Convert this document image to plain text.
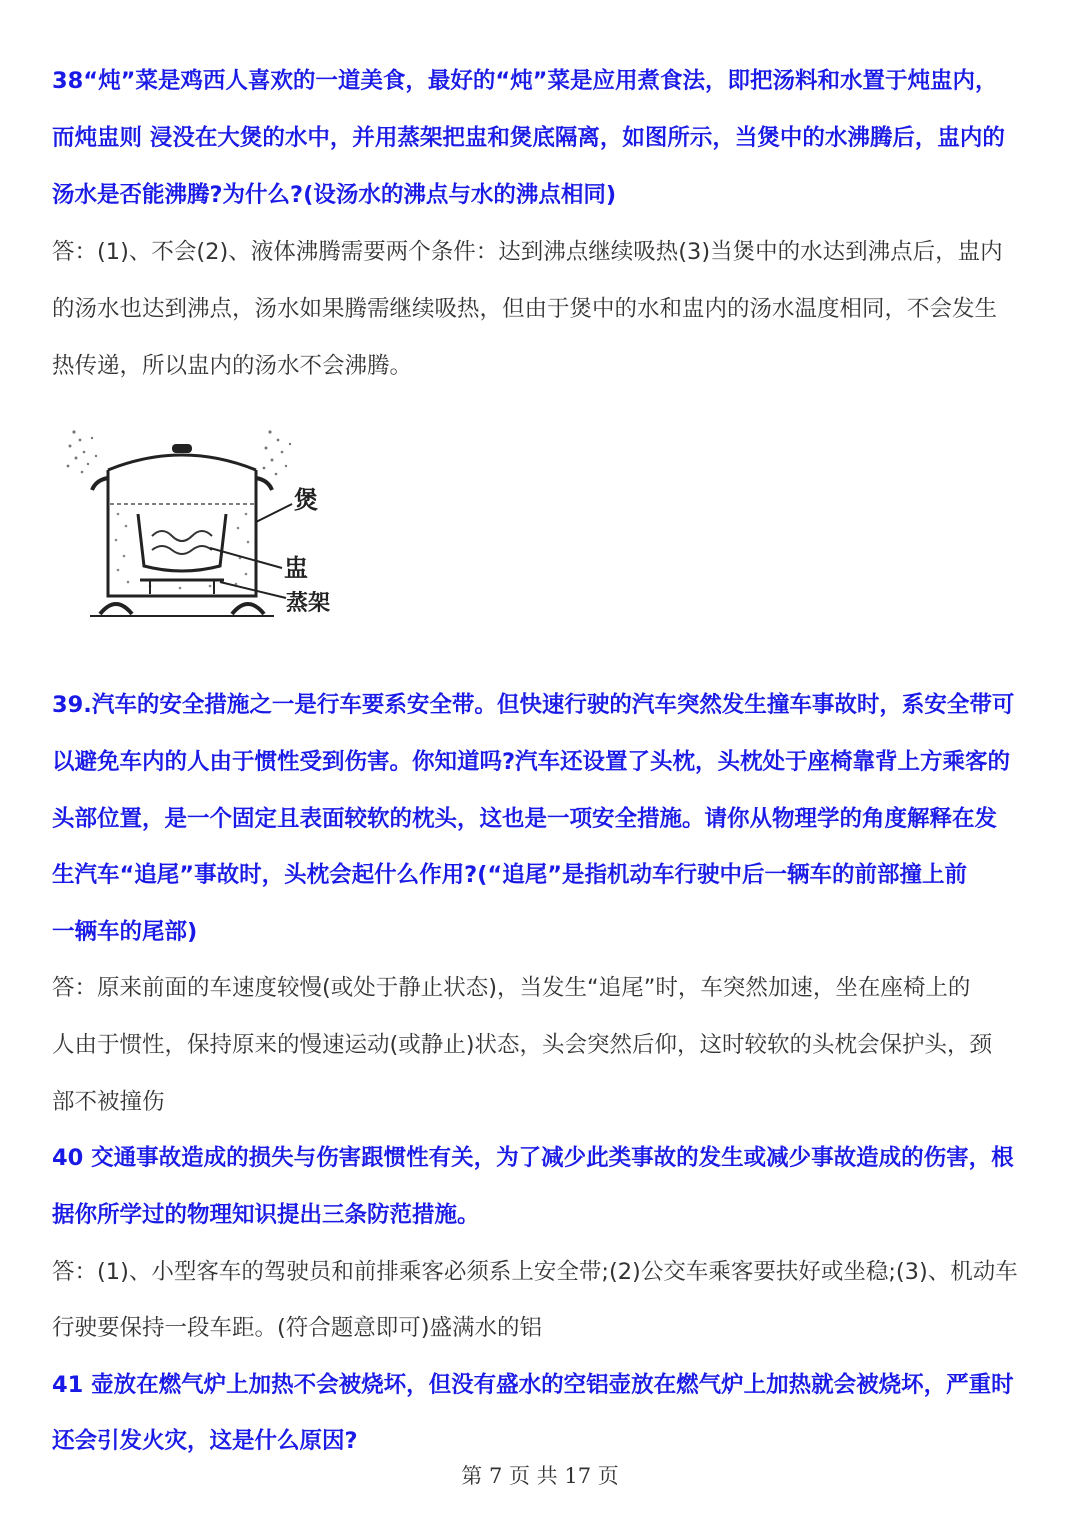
38“炖”菜是鸡西人喜欢的一道美食，最好的“炖”菜是应用煮食法，即把汤料和水置于炖盅内，
而炖盅则 浸没在大煲的水中，并用蒸架把盅和煲底隔离，如图所示，当煲中的水沸腾后，盅内的
汤水是否能沸腾?为什么?(设汤水的沸点与水的沸点相同)
答：(1)、不会(2)、液体沸腾需要两个条件：达到沸点继续吸热(3)当煲中的水达到沸点后，盅内
的汤水也达到沸点，汤水如果腾需继续吸热，但由于煲中的水和盅内的汤水温度相同，不会发生
热传递，所以盅内的汤水不会沸腾。
煲
盅
蒸架
39.汽车的安全措施之一是行车要系安全带。但快速行驶的汽车突然发生撞车事故时，系安全带可
以避免车内的人由于惯性受到伤害。你知道吗?汽车还设置了头枕，头枕处于座椅靠背上方乘客的
头部位置，是一个固定且表面较软的枕头，这也是一项安全措施。请你从物理学的角度解释在发
生汽车“追尾”事故时，头枕会起什么作用?(“追尾”是指机动车行驶中后一辆车的前部撞上前
一辆车的尾部)
答：原来前面的车速度较慢(或处于静止状态)，当发生“追尾”时，车突然加速，坐在座椅上的
人由于惯性，保持原来的慢速运动(或静止)状态，头会突然后仰，这时较软的头枕会保护头，颈
部不被撞伤
40 交通事故造成的损失与伤害跟惯性有关，为了减少此类事故的发生或减少事故造成的伤害，根
据你所学过的物理知识提出三条防范措施。
答：(1)、小型客车的驾驶员和前排乘客必须系上安全带;(2)公交车乘客要扶好或坐稳;(3)、机动车
行驶要保持一段车距。(符合题意即可)盛满水的铝
41 壶放在燃气炉上加热不会被烧坏，但没有盛水的空铝壶放在燃气炉上加热就会被烧坏，严重时
还会引发火灾，这是什么原因?
第 7 页 共 17 页
